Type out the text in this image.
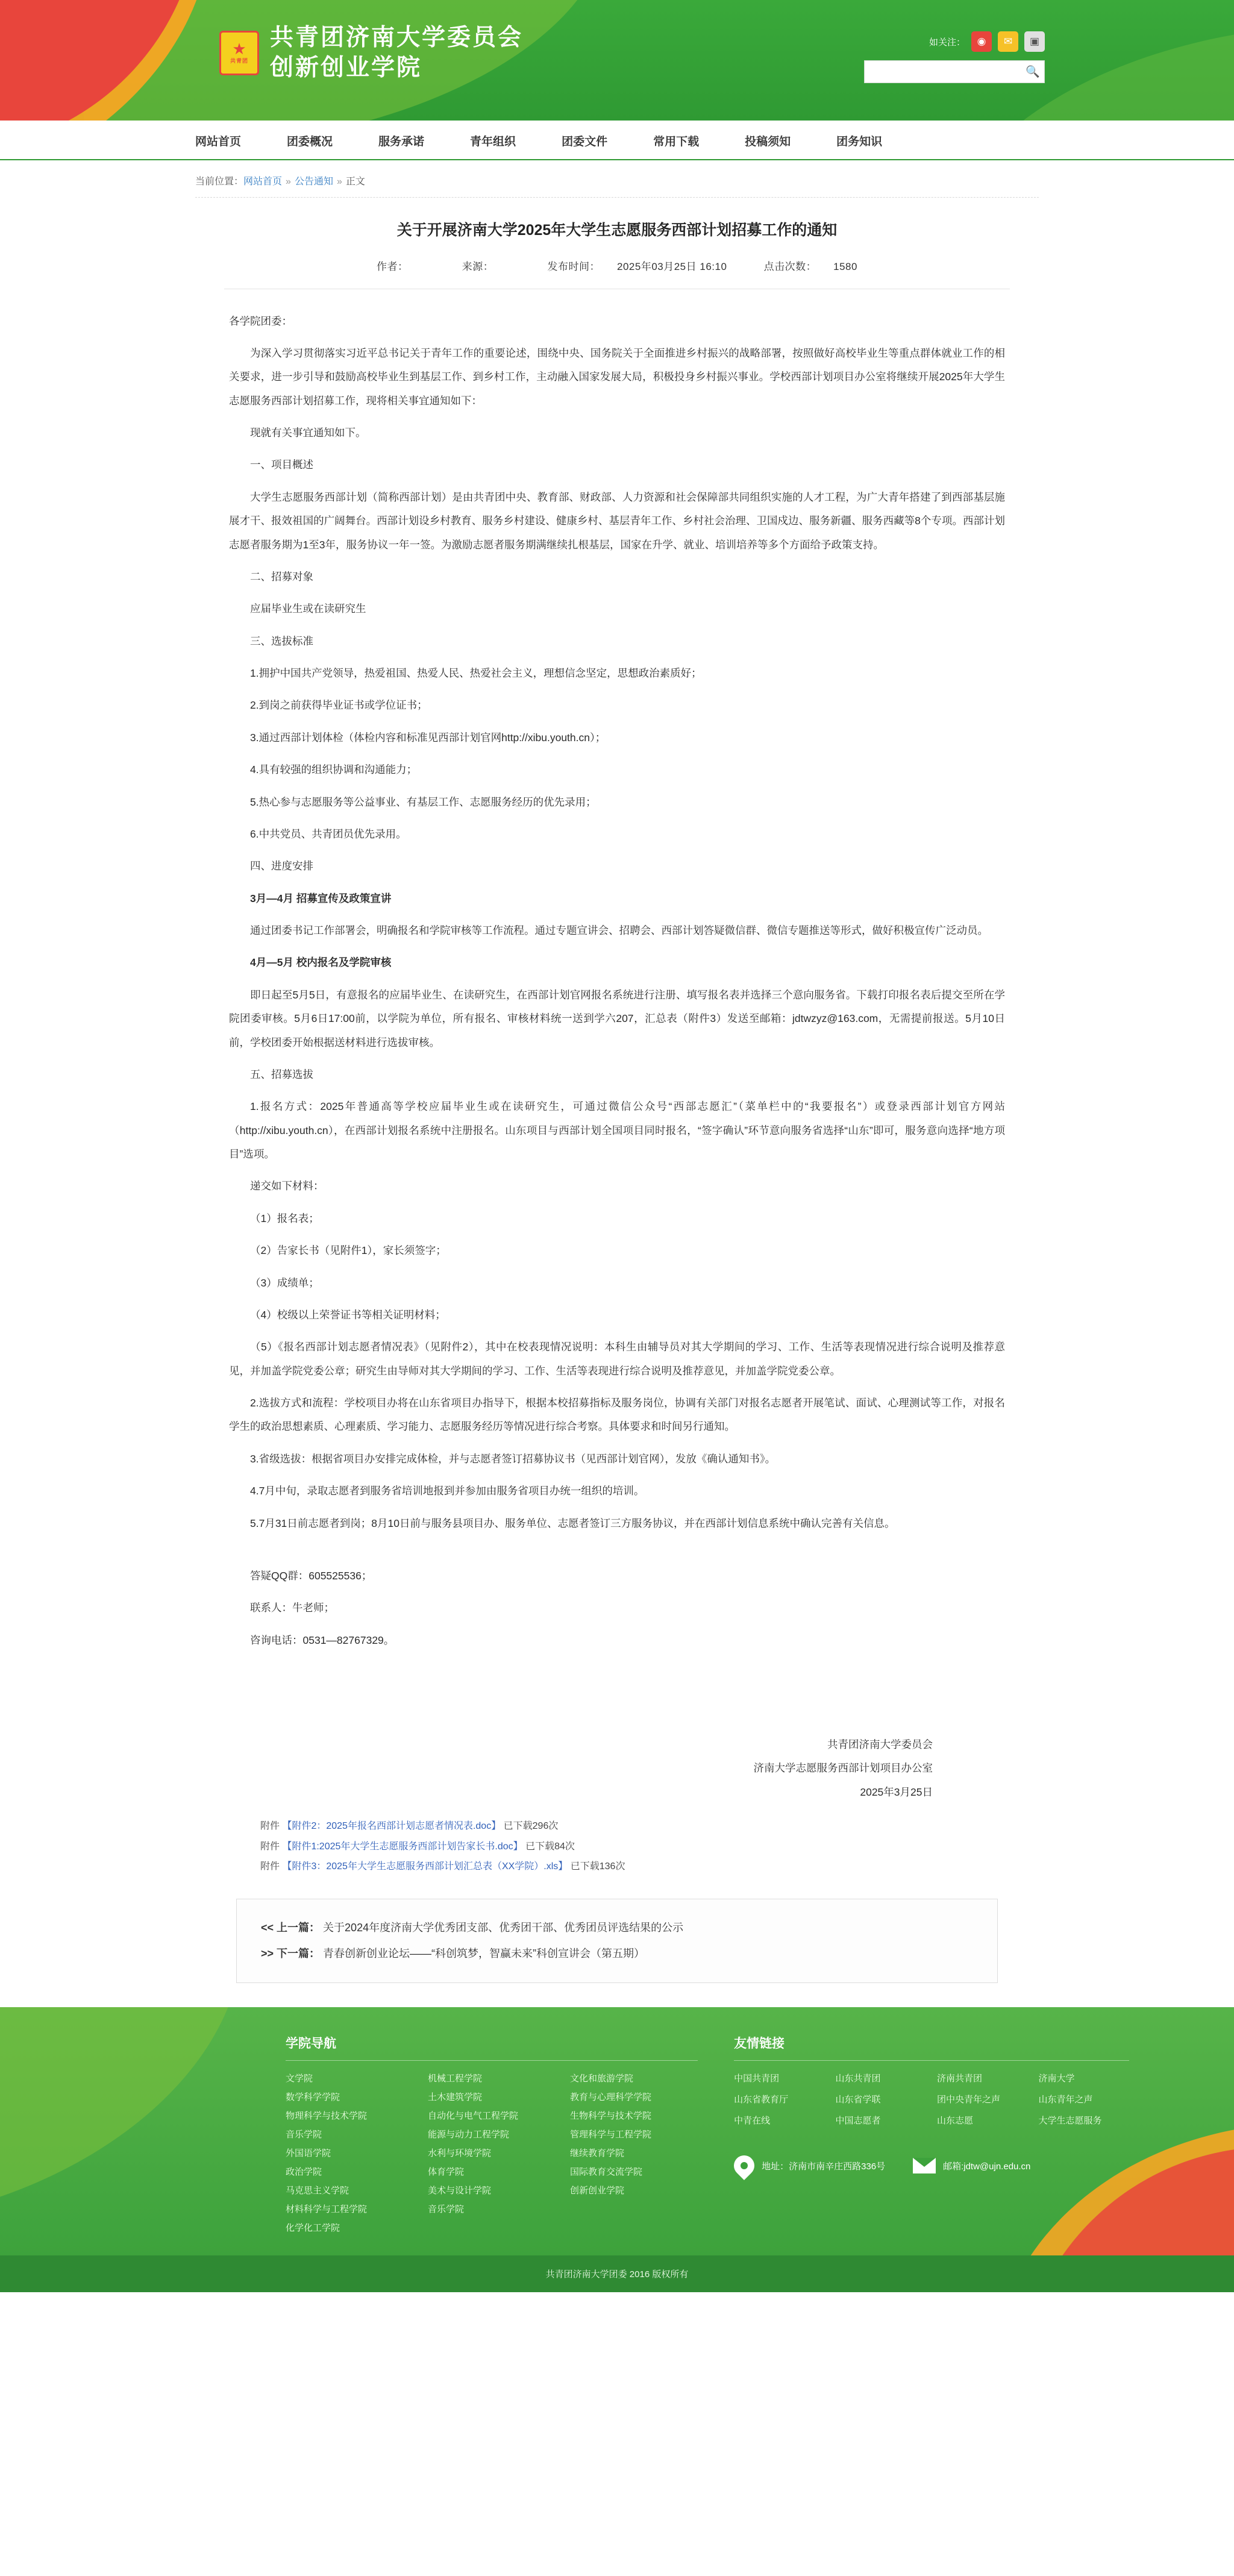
★
共青团
共青团济南大学委员会
创新创业学院
如关注：	◉	✉	▣
🔍
网站首页	团委概况	服务承诺	青年组织	团委文件	常用下载	投稿须知	团务知识
当前位置：网站首页 » 公告通知 » 正文
关于开展济南大学2025年大学生志愿服务西部计划招募工作的通知
作者：	来源：	发布时间： 2025年03月25日 16:10	点击次数： 1580

各学院团委：

为深入学习贯彻落实习近平总书记关于青年工作的重要论述，围绕中央、国务院关于全面推进乡村振兴的战略部署，按照做好高校毕业生等重点群体就业工作的相关要求，进一步引导和鼓励高校毕业生到基层工作、到乡村工作，主动融入国家发展大局，积极投身乡村振兴事业。学校西部计划项目办公室将继续开展2025年大学生志愿服务西部计划招募工作，现将相关事宜通知如下：

现就有关事宜通知如下。

一、项目概述

大学生志愿服务西部计划（简称西部计划）是由共青团中央、教育部、财政部、人力资源和社会保障部共同组织实施的人才工程，为广大青年搭建了到西部基层施展才干、报效祖国的广阔舞台。西部计划设乡村教育、服务乡村建设、健康乡村、基层青年工作、乡村社会治理、卫国戍边、服务新疆、服务西藏等8个专项。西部计划志愿者服务期为1至3年，服务协议一年一签。为激励志愿者服务期满继续扎根基层，国家在升学、就业、培训培养等多个方面给予政策支持。

二、招募对象

应届毕业生或在读研究生

三、选拔标准

1.拥护中国共产党领导，热爱祖国、热爱人民、热爱社会主义，理想信念坚定，思想政治素质好；

2.到岗之前获得毕业证书或学位证书；

3.通过西部计划体检（体检内容和标准见西部计划官网http://xibu.youth.cn）；

4.具有较强的组织协调和沟通能力；

5.热心参与志愿服务等公益事业、有基层工作、志愿服务经历的优先录用；

6.中共党员、共青团员优先录用。

四、进度安排

3月—4月 招募宣传及政策宣讲

通过团委书记工作部署会，明确报名和学院审核等工作流程。通过专题宣讲会、招聘会、西部计划答疑微信群、微信专题推送等形式，做好积极宣传广泛动员。

4月—5月 校内报名及学院审核

即日起至5月5日，有意报名的应届毕业生、在读研究生，在西部计划官网报名系统进行注册、填写报名表并选择三个意向服务省。下载打印报名表后提交至所在学院团委审核。5月6日17:00前，以学院为单位，所有报名、审核材料统一送到学六207，汇总表（附件3）发送至邮箱：jdtwzyz@163.com，无需提前报送。5月10日前，学校团委开始根据送材料进行选拔审核。

五、招募选拔

1.报名方式：2025年普通高等学校应届毕业生或在读研究生，可通过微信公众号“西部志愿汇”（菜单栏中的“我要报名”）或登录西部计划官方网站（http://xibu.youth.cn），在西部计划报名系统中注册报名。山东项目与西部计划全国项目同时报名，“签字确认”环节意向服务省选择“山东”即可，服务意向选择“地方项目”选项。

递交如下材料：

（1）报名表；

（2）告家长书（见附件1），家长须签字；

（3）成绩单；

（4）校级以上荣誉证书等相关证明材料；

（5）《报名西部计划志愿者情况表》（见附件2），其中在校表现情况说明：本科生由辅导员对其大学期间的学习、工作、生活等表现情况进行综合说明及推荐意见，并加盖学院党委公章；研究生由导师对其大学期间的学习、工作、生活等表现进行综合说明及推荐意见，并加盖学院党委公章。

2.选拔方式和流程：学校项目办将在山东省项目办指导下，根据本校招募指标及服务岗位，协调有关部门对报名志愿者开展笔试、面试、心理测试等工作，对报名学生的政治思想素质、心理素质、学习能力、志愿服务经历等情况进行综合考察。具体要求和时间另行通知。

3.省级选拔：根据省项目办安排完成体检，并与志愿者签订招募协议书（见西部计划官网），发放《确认通知书》。

4.7月中旬，录取志愿者到服务省培训地报到并参加由服务省项目办统一组织的培训。

5.7月31日前志愿者到岗；8月10日前与服务县项目办、服务单位、志愿者签订三方服务协议，并在西部计划信息系统中确认完善有关信息。

答疑QQ群：605525536；

联系人：牛老师；

咨询电话：0531—82767329。

共青团济南大学委员会

济南大学志愿服务西部计划项目办公室

2025年3月25日

附件 【附件2：2025年报名西部计划志愿者情况表.doc】 已下载296次
附件 【附件1:2025年大学生志愿服务西部计划告家长书.doc】 已下载84次
附件 【附件3：2025年大学生志愿服务西部计划汇总表（XX学院）.xls】 已下载136次
<< 上一篇： 关于2024年度济南大学优秀团支部、优秀团干部、优秀团员评选结果的公示
>> 下一篇： 青春创新创业论坛——“科创筑梦，智赢未来”科创宣讲会（第五期）
学院导航
文学院	机械工程学院	文化和旅游学院
数学科学学院	土木建筑学院	教育与心理科学学院
物理科学与技术学院	自动化与电气工程学院	生物科学与技术学院
音乐学院	能源与动力工程学院	管理科学与工程学院
外国语学院	水利与环境学院	继续教育学院
政治学院	体育学院	国际教育交流学院
马克思主义学院	美术与设计学院	创新创业学院
材料科学与工程学院	音乐学院
化学化工学院
友情链接
中国共青团	山东共青团	济南共青团	济南大学
山东省教育厅	山东省学联	团中央青年之声	山东青年之声
中青在线	中国志愿者	山东志愿	大学生志愿服务
地址：济南市南辛庄西路336号	邮箱:jdtw@ujn.edu.cn
共青团济南大学团委 2016 版权所有
